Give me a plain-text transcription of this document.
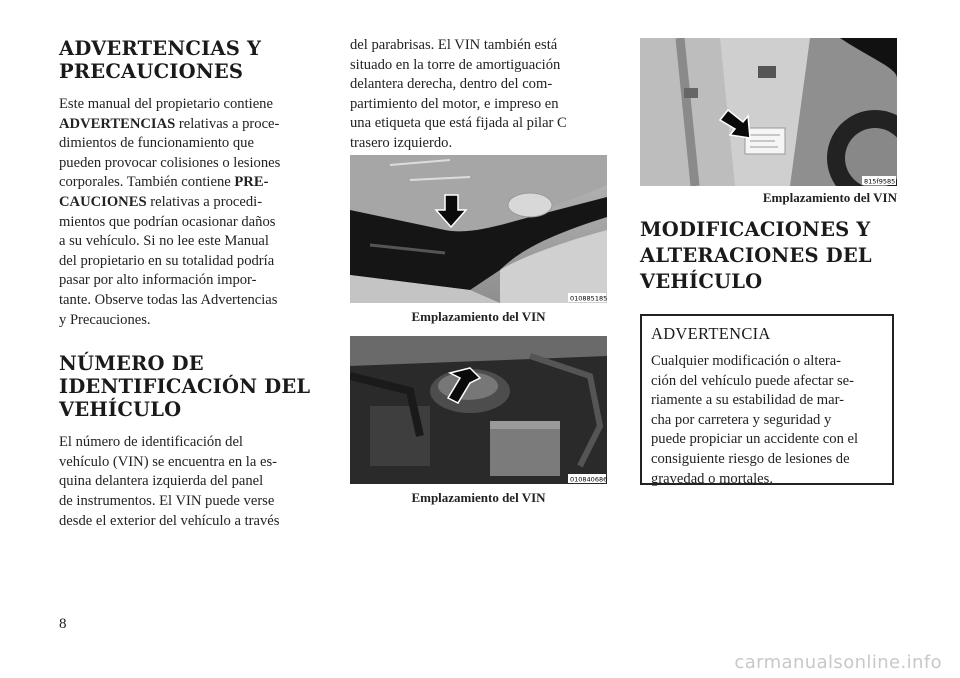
ADVERTENCIAS Y
PRECAUCIONES

Este manual del propietario contiene

ADVERTENCIAS relativas a proce-

dimientos de funcionamiento que

pueden provocar colisiones o lesiones

corporales. También contiene PRE-

CAUCIONES relativas a procedi-

mientos que podrían ocasionar daños

a su vehículo. Si no lee este Manual

del propietario en su totalidad podría

pasar por alto información impor-

tante. Observe todas las Advertencias

y Precauciones.

NÚMERO DE
IDENTIFICACIÓN DEL
VEHÍCULO

El número de identificación del

vehículo (VIN) se encuentra en la es-

quina delantera izquierda del panel

de instrumentos. El VIN puede verse

desde el exterior del vehículo a través

del parabrisas. El VIN también está

situado en la torre de amortiguación

delantera derecha, dentro del com-

partimiento del motor, e impreso en

una etiqueta que está fijada al pilar C

trasero izquierdo.

010885185
Emplazamiento del VIN
010840686
Emplazamiento del VIN
815f9585
Emplazamiento del VIN
MODIFICACIONES Y
ALTERACIONES DEL
VEHÍCULO
ADVERTENCIA

Cualquier modificación o altera-

ción del vehículo puede afectar se-

riamente a su estabilidad de mar-

cha por carretera y seguridad y

puede propiciar un accidente con el

consiguiente riesgo de lesiones de

gravedad o mortales.

8
carmanualsonline.info
